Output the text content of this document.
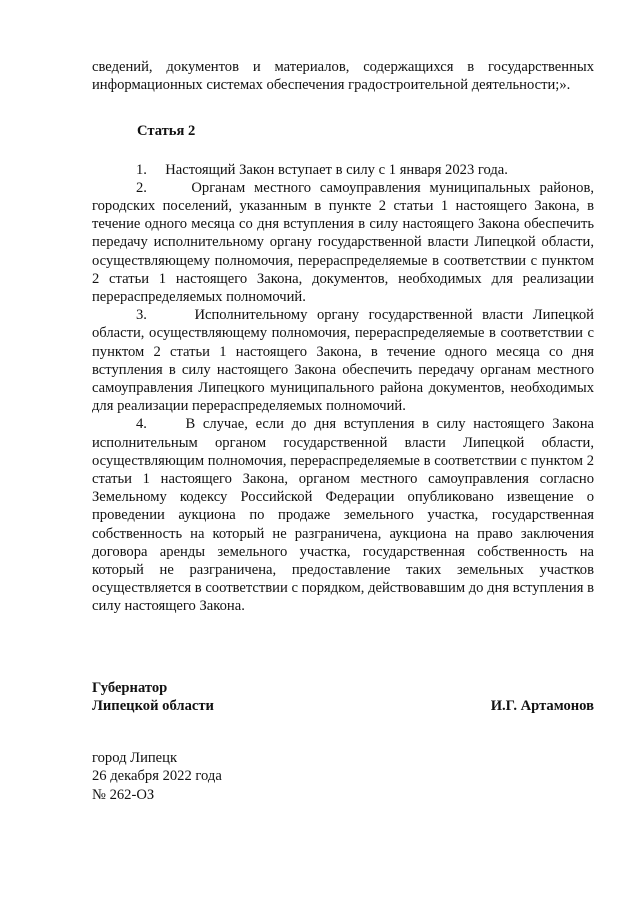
сведений, документов и материалов, содержащихся в государственных информационных системах обеспечения градостроительной деятельности;».

Статья 2

1. Настоящий Закон вступает в силу с 1 января 2023 года.

2.	Органам местного самоуправления муниципальных районов, городских поселений, указанным в пункте 2 статьи 1 настоящего Закона, в течение одного месяца со дня вступления в силу настоящего Закона обеспечить передачу исполнительному органу государственной власти Липецкой области, осуществляющему полномочия, перераспределяемые в соответствии с пунктом 2 статьи 1 настоящего Закона, документов, необходимых для реализации перераспределяемых полномочий.

3.	Исполнительному органу государственной власти Липецкой области, осуществляющему полномочия, перераспределяемые в соответствии с пунктом 2 статьи 1 настоящего Закона, в течение одного месяца со дня вступления в силу настоящего Закона обеспечить передачу органам местного самоуправления Липецкого муниципального района документов, необходимых для реализации перераспределяемых полномочий.

4.	В случае, если до дня вступления в силу настоящего Закона исполнительным органом государственной власти Липецкой области, осуществляющим полномочия, перераспределяемые в соответствии с пунктом 2 статьи 1 настоящего Закона, органом местного самоуправления согласно Земельному кодексу Российской Федерации опубликовано извещение о проведении аукциона по продаже земельного участка, государственная собственность на который не разграничена, аукциона на право заключения договора аренды земельного участка, государственная собственность на который не разграничена, предоставление таких земельных участков осуществляется в соответствии с порядком, действовавшим до дня вступления в силу настоящего Закона.

Губернатор
Липецкой области	И.Г. Артамонов
город Липецк
26 декабря 2022 года
№ 262-ОЗ
